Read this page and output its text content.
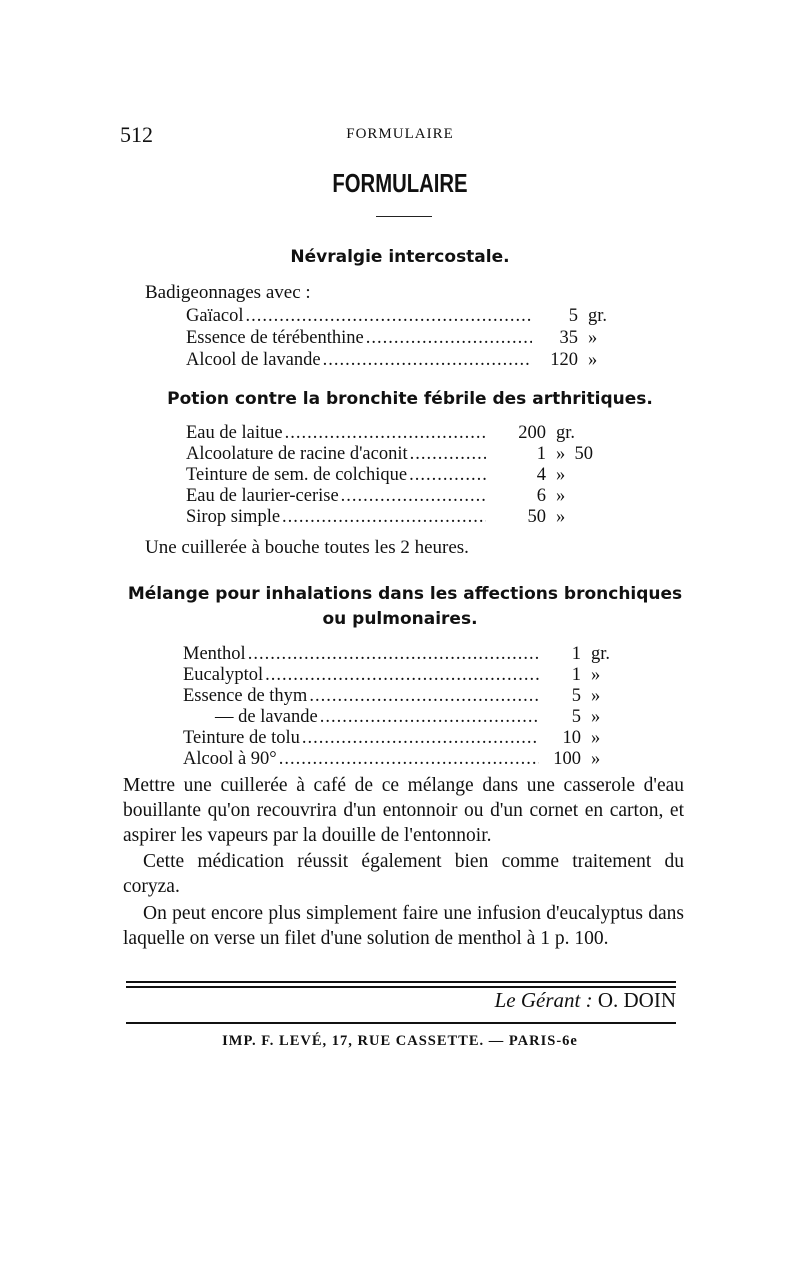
512	FORMULAIRE
FORMULAIRE
Névralgie intercostale.
Badigeonnages avec :
Gaïacol .....	5 gr.
Essence de térébenthine .....	35 »
Alcool de lavande .....	120 »
Potion contre la bronchite fébrile des arthritiques.
Eau de laitue .....	200 gr.
Alcoolature de racine d'aconit .....	1 »  50
Teinture de sem. de colchique .....	4 »
Eau de laurier-cerise .....	6 »
Sirop simple .....	50 »
Une cuillerée à bouche toutes les 2 heures.
Mélange pour inhalations dans les affections bronchiques
ou pulmonaires.
Menthol .....	1 gr.
Eucalyptol .....	1 »
Essence de thym .....	5 »
— de lavande .....	5 »
Teinture de tolu .....	10 »
Alcool à 90° .....	100 »
Mettre une cuillerée à café de ce mélange dans une casserole d'eau bouillante qu'on recouvrira d'un entonnoir ou d'un cornet en carton, et aspirer les vapeurs par la douille de l'entonnoir.
Cette médication réussit également bien comme traitement du coryza.
On peut encore plus simplement faire une infusion d'eucalyptus dans laquelle on verse un filet d'une solution de menthol à 1 p. 100.
Le Gérant : O. DOIN
IMP. F. LEVÉ, 17, RUE CASSETTE. — PARIS-6e
